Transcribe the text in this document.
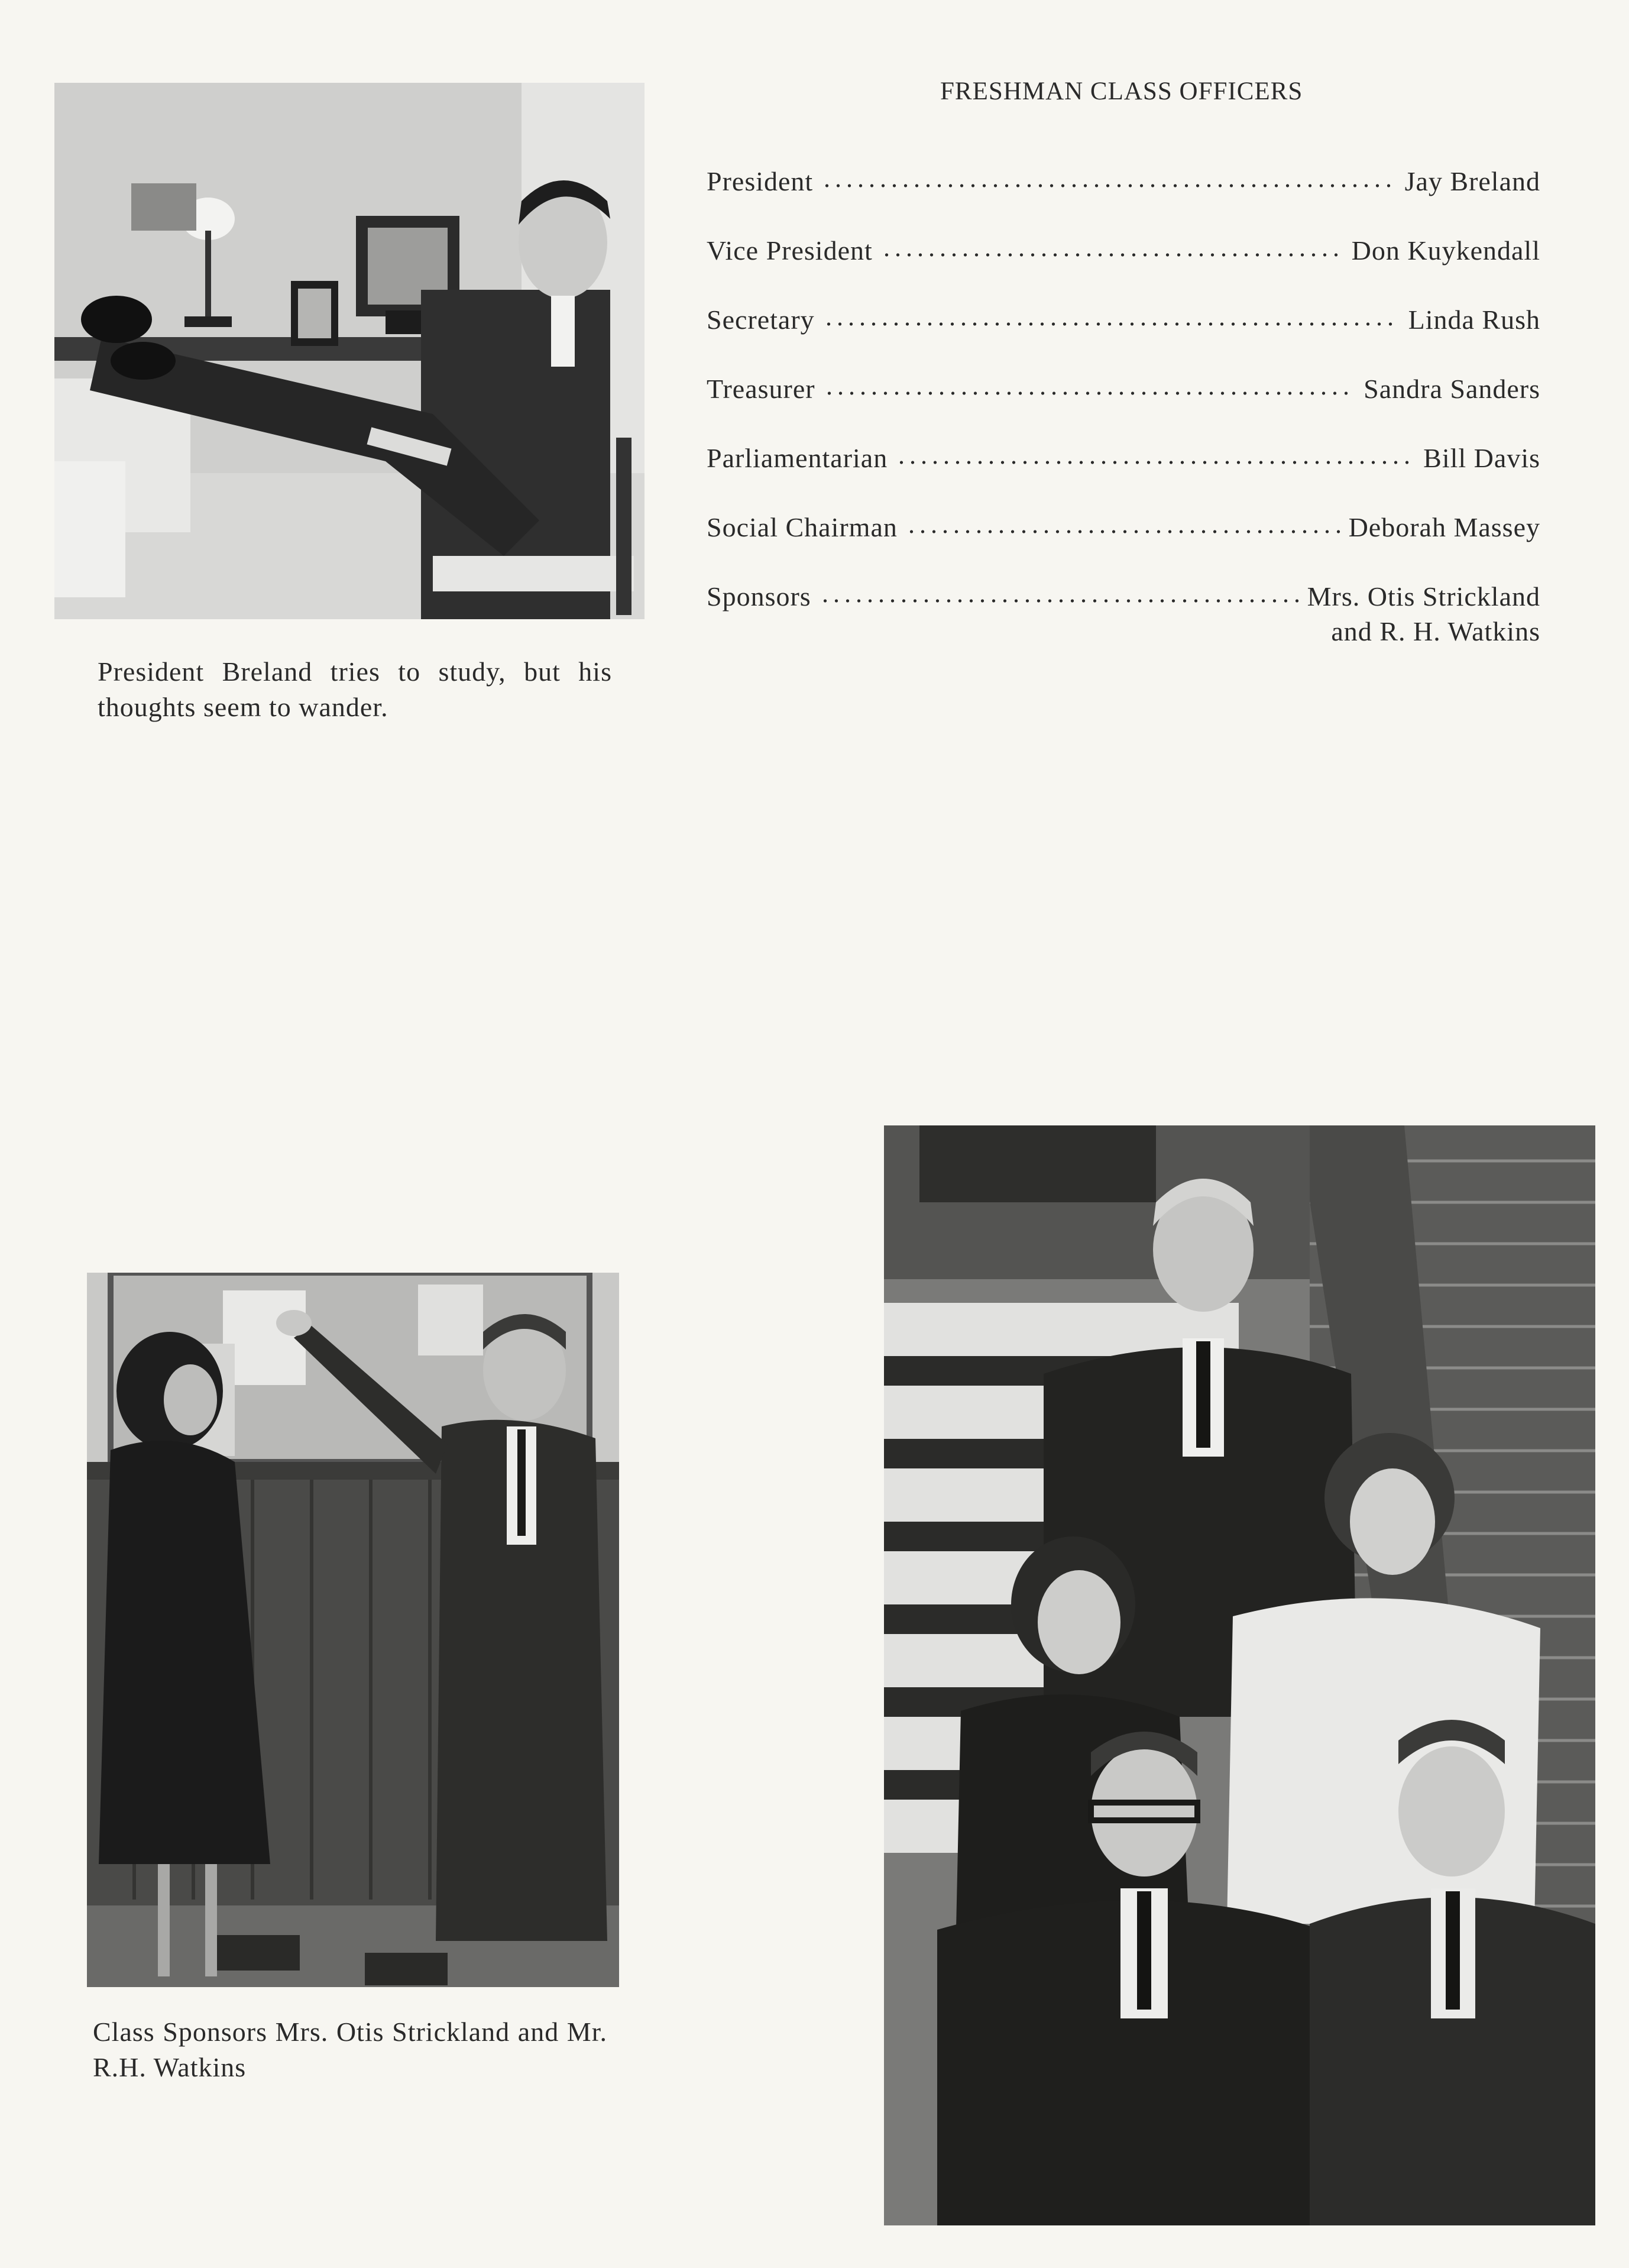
President Breland tries to study, but his thoughts seem to wander.
FRESHMAN CLASS OFFICERS
President	Jay Breland
Vice President	Don Kuykendall
Secretary	Linda Rush
Treasurer	Sandra Sanders
Parliamentarian	Bill Davis
Social Chairman	Deborah Massey
Sponsors	Mrs. Otis Strickland
and R. H. Watkins
Class Sponsors Mrs. Otis Strickland and Mr. R.H. Watkins
